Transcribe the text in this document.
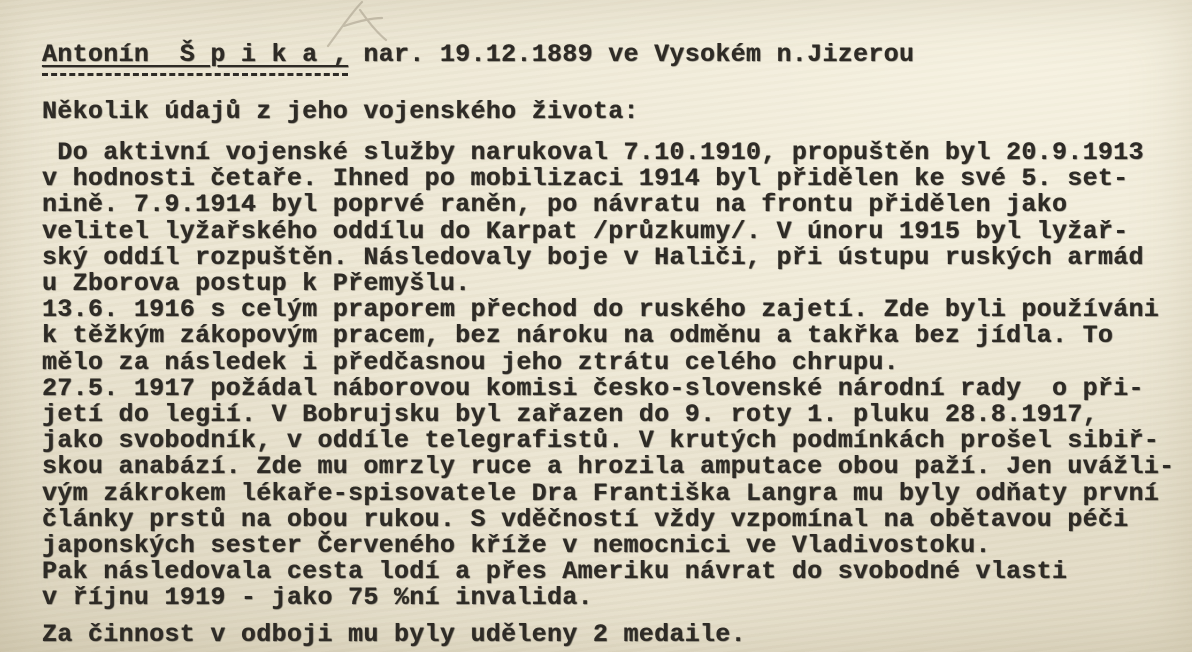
Antonín  Š p i k a , nar. 19.12.1889 ve Vysokém n.Jizerou

Několik údajů z jeho vojenského života:

Do aktivní vojenské služby narukoval 7.10.1910, propuštěn byl 20.9.1913
v hodnosti četaře. Ihned po mobilizaci 1914 byl přidělen ke své 5. set-
nině. 7.9.1914 byl poprvé raněn, po návratu na frontu přidělen jako
velitel lyžařského oddílu do Karpat /průzkumy/. V únoru 1915 byl lyžař-
ský oddíl rozpuštěn. Následovaly boje v Haliči, při ústupu ruských armád
u Zborova postup k Přemyšlu.
13.6. 1916 s celým praporem přechod do ruského zajetí. Zde byli používáni
k těžkým zákopovým pracem, bez nároku na odměnu a takřka bez jídla. To
mělo za následek i předčasnou jeho ztrátu celého chrupu.
27.5. 1917 požádal náborovou komisi česko-slovenské národní rady  o při-
jetí do legií. V Bobrujsku byl zařazen do 9. roty 1. pluku 28.8.1917,
jako svobodník, v oddíle telegrafistů. V krutých podmínkách prošel sibiř-
skou anabází. Zde mu omrzly ruce a hrozila amputace obou paží. Jen uvážli-
vým zákrokem lékaře-spisovatele Dra Františka Langra mu byly odňaty první
články prstů na obou rukou. S vděčností vždy vzpomínal na obětavou péči
japonských sester Červeného kříže v nemocnici ve Vladivostoku.
Pak následovala cesta lodí a přes Ameriku návrat do svobodné vlasti
v říjnu 1919 - jako 75 %ní invalida.
Za činnost v odboji mu byly uděleny 2 medaile.
